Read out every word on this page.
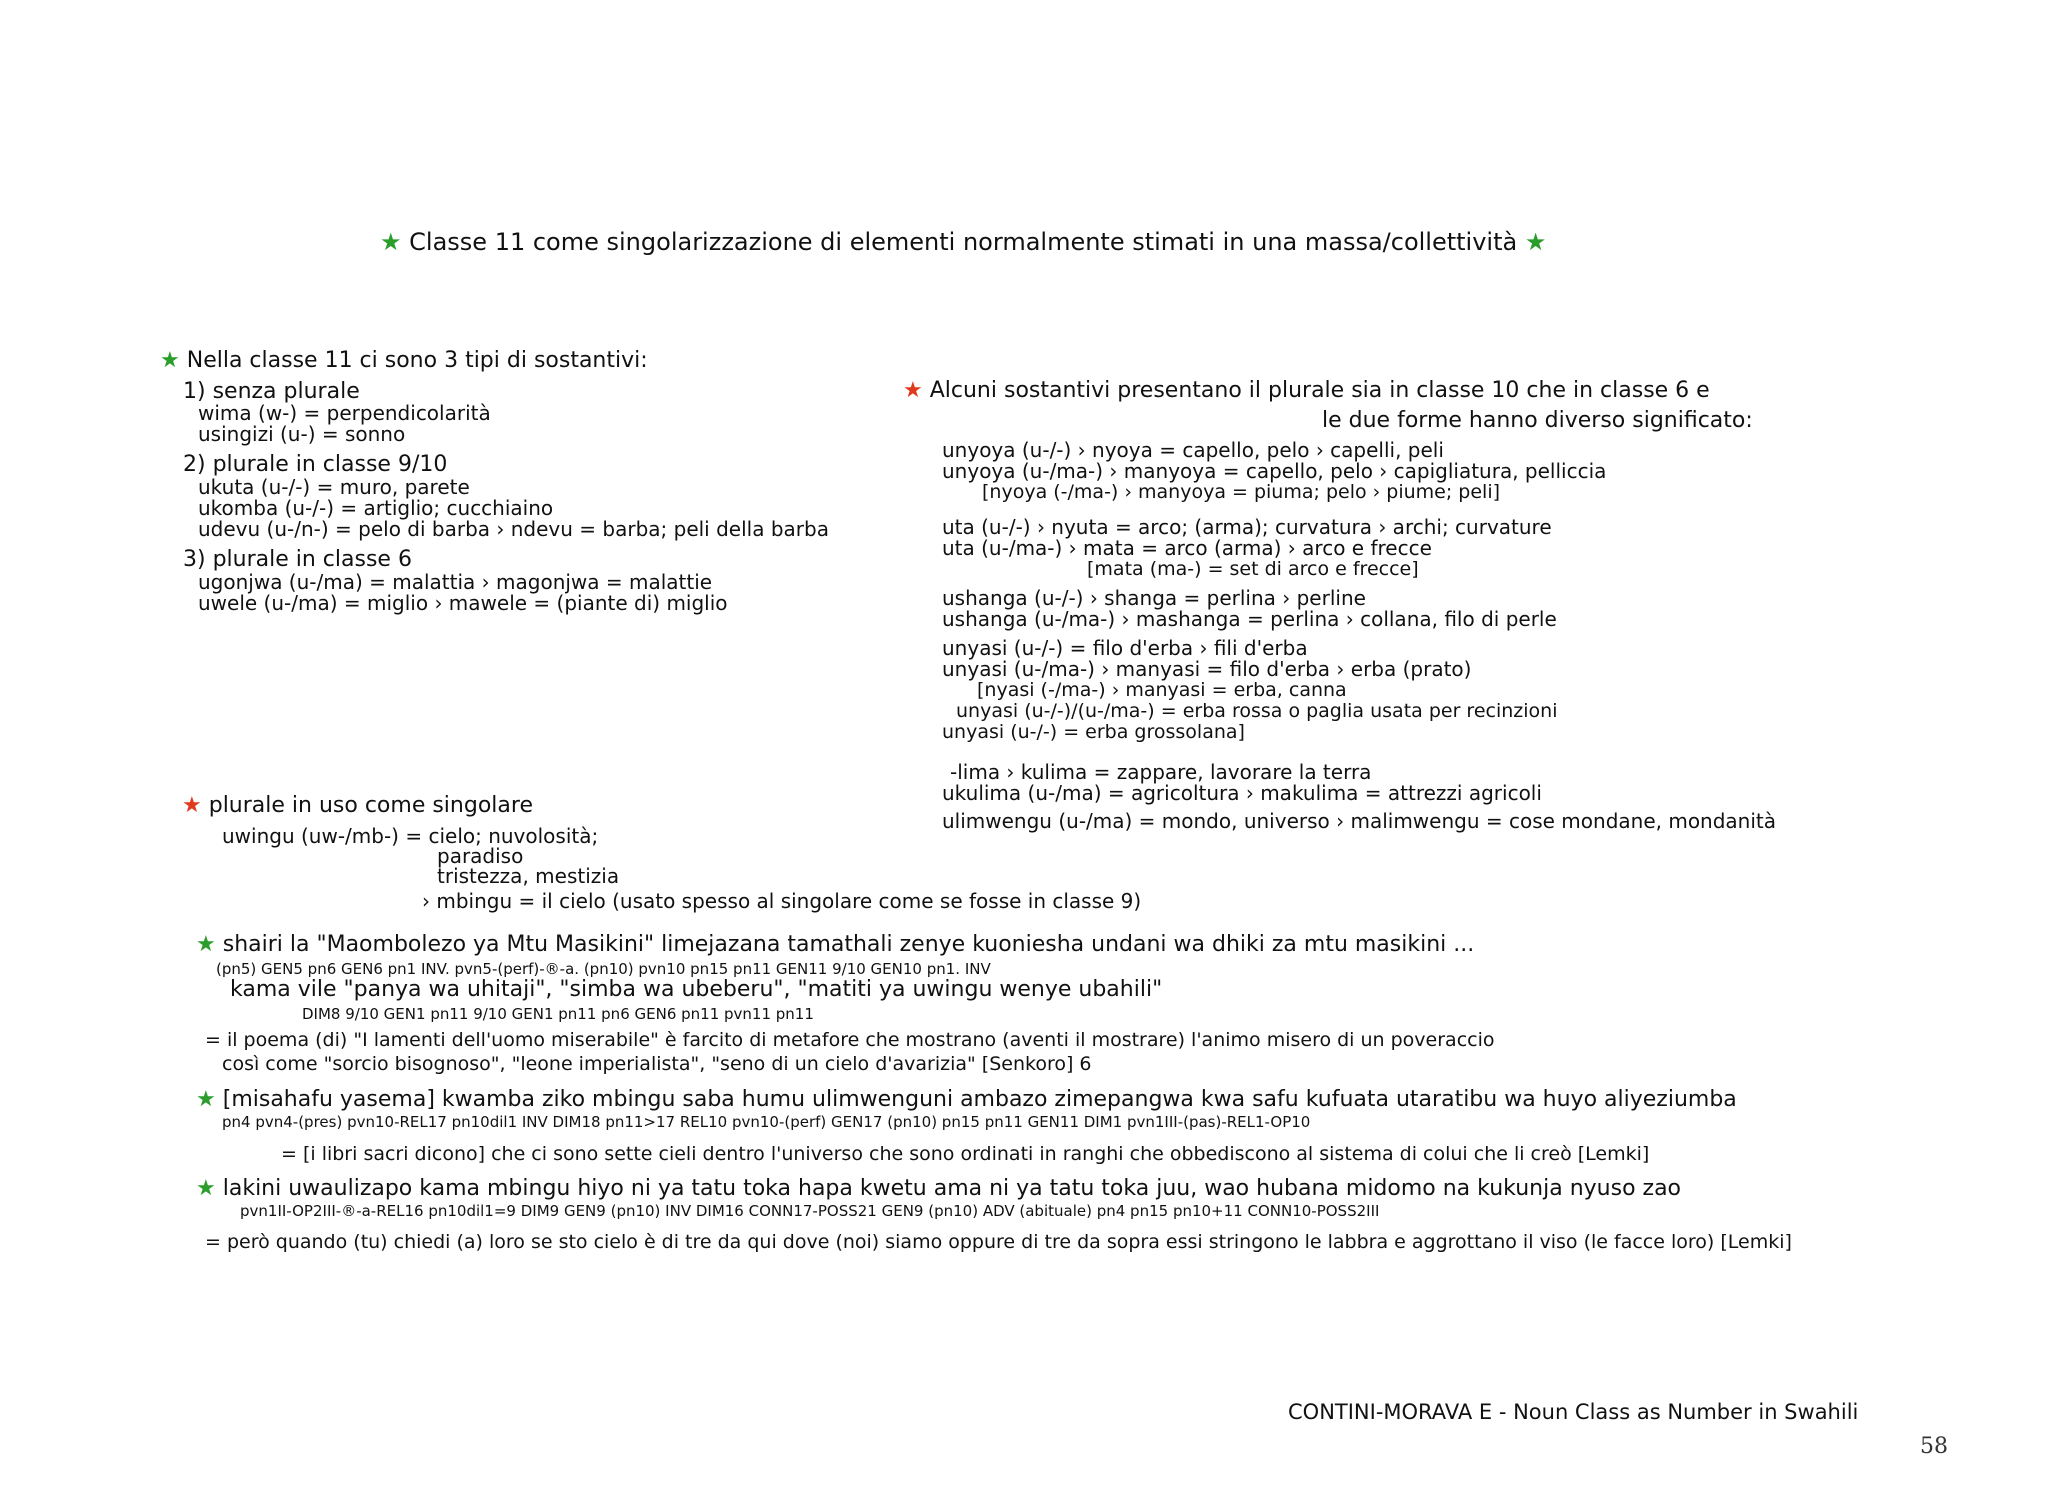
★ Classe 11 come singolarizzazione di elementi normalmente stimati in una massa/collettività ★
★ Nella classe 11 ci sono 3 tipi di sostantivi:
1) senza plurale
wima (w-) = perpendicolarità
usingizi (u-) = sonno
2) plurale in classe 9/10
ukuta (u-/-) = muro, parete
ukomba (u-/-) = artiglio; cucchiaino
udevu (u-/n-) = pelo di barba › ndevu = barba; peli della barba
3) plurale in classe 6
ugonjwa (u-/ma) = malattia › magonjwa = malattie
uwele (u-/ma) = miglio › mawele = (piante di) miglio
★ Alcuni sostantivi presentano il plurale sia in classe 10 che in classe 6 e
le due forme hanno diverso significato:
unyoya (u-/-) › nyoya = capello, pelo › capelli, peli
unyoya (u-/ma-) › manyoya = capello, pelo › capigliatura, pelliccia
[nyoya (-/ma-) › manyoya = piuma; pelo › piume; peli]
uta (u-/-) › nyuta = arco; (arma); curvatura › archi; curvature
uta (u-/ma-) › mata = arco (arma) › arco e frecce
[mata (ma-) = set di arco e frecce]
ushanga (u-/-) › shanga = perlina › perline
ushanga (u-/ma-) › mashanga = perlina › collana, filo di perle
unyasi (u-/-) = filo d'erba › fili d'erba
unyasi (u-/ma-) › manyasi = filo d'erba › erba (prato)
[nyasi (-/ma-) › manyasi = erba, canna
unyasi (u-/-)/(u-/ma-) = erba rossa o paglia usata per recinzioni
unyasi (u-/-) = erba grossolana]
-lima › kulima = zappare, lavorare la terra
ukulima (u-/ma) = agricoltura › makulima = attrezzi agricoli
ulimwengu (u-/ma) = mondo, universo › malimwengu = cose mondane, mondanità
★ plurale in uso come singolare
uwingu (uw-/mb-) = cielo; nuvolosità;
paradiso
tristezza, mestizia
› mbingu = il cielo (usato spesso al singolare come se fosse in classe 9)
★ shairi la "Maombolezo ya Mtu Masikini" limejazana tamathali zenye kuoniesha undani wa dhiki za mtu masikini ...
(pn5) GEN5 pn6 GEN6 pn1 INV. pvn5-(perf)-®-a. (pn10) pvn10 pn15 pn11 GEN11 9/10 GEN10 pn1. INV
kama vile "panya wa uhitaji", "simba wa ubeberu", "matiti ya uwingu wenye ubahili"
DIM8 9/10 GEN1 pn11 9/10 GEN1 pn11 pn6 GEN6 pn11 pvn11 pn11
= il poema (di) "I lamenti dell'uomo miserabile" è farcito di metafore che mostrano (aventi il mostrare) l'animo misero di un poveraccio
così come "sorcio bisognoso", "leone imperialista", "seno di un cielo d'avarizia" [Senkoro] 6
★ [misahafu yasema] kwamba ziko mbingu saba humu ulimwenguni ambazo zimepangwa kwa safu kufuata utaratibu wa huyo aliyeziumba
pn4 pvn4-(pres) pvn10-REL17 pn10dil1 INV DIM18 pn11>17 REL10 pvn10-(perf) GEN17 (pn10) pn15 pn11 GEN11 DIM1 pvn1III-(pas)-REL1-OP10
= [i libri sacri dicono] che ci sono sette cieli dentro l'universo che sono ordinati in ranghi che obbediscono al sistema di colui che li creò [Lemki]
★ lakini uwaulizapo kama mbingu hiyo ni ya tatu toka hapa kwetu ama ni ya tatu toka juu, wao hubana midomo na kukunja nyuso zao
pvn1II-OP2III-®-a-REL16 pn10dil1=9 DIM9 GEN9 (pn10) INV DIM16 CONN17-POSS21 GEN9 (pn10) ADV (abituale) pn4 pn15 pn10+11 CONN10-POSS2III
= però quando (tu) chiedi (a) loro se sto cielo è di tre da qui dove (noi) siamo oppure di tre da sopra essi stringono le labbra e aggrottano il viso (le facce loro) [Lemki]
CONTINI-MORAVA E - Noun Class as Number in Swahili
58
